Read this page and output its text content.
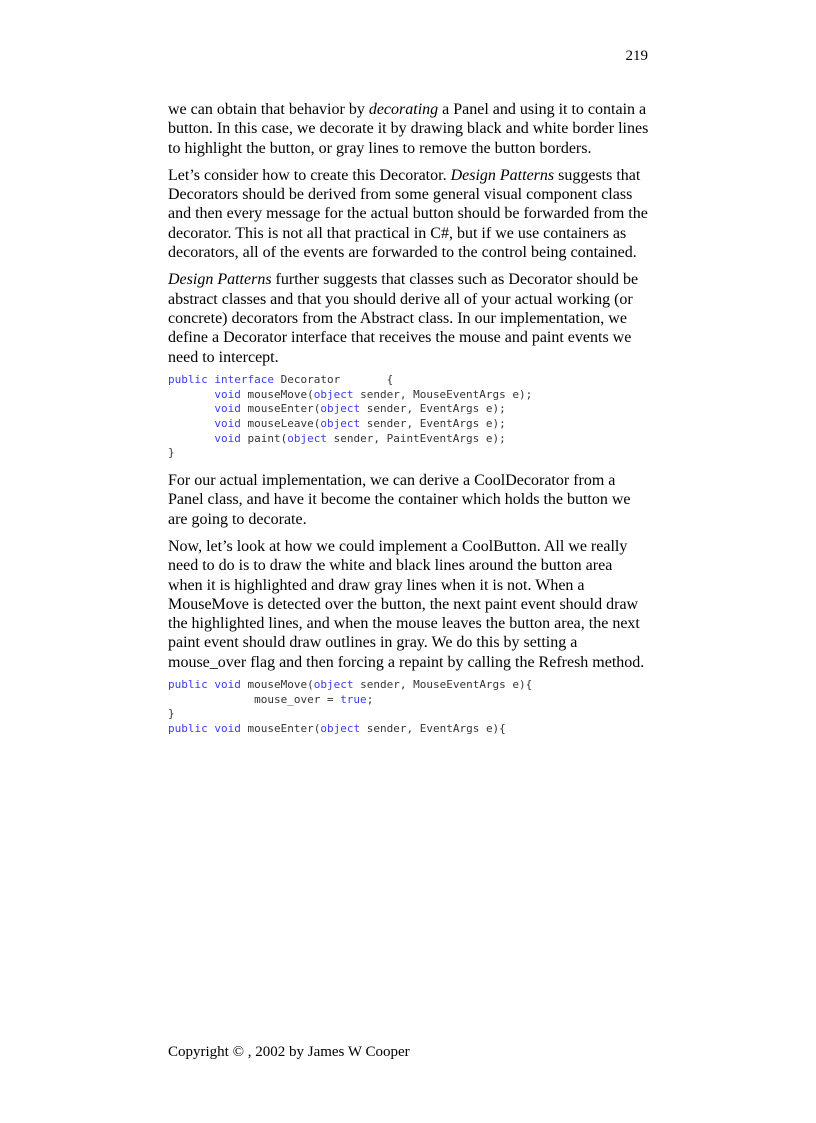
219

we can obtain that behavior by decorating a Panel and using it to contain a button. In this case, we decorate it by drawing black and white border lines to highlight the button, or gray lines to remove the button borders.

Let’s consider how to create this Decorator. Design Patterns suggests that Decorators should be derived from some general visual component class and then every message for the actual button should be forwarded from the decorator. This is not all that practical in C#, but if we use containers as decorators, all of the events are forwarded to the control being contained.

Design Patterns further suggests that classes such as Decorator should be abstract classes and that you should derive all of your actual working (or concrete) decorators from the Abstract class. In our implementation, we define a Decorator interface that receives the mouse and paint events we need to intercept.

public interface Decorator       {
void mouseMove(object sender, MouseEventArgs e);
void mouseEnter(object sender, EventArgs e);
void mouseLeave(object sender, EventArgs e);
void paint(object sender, PaintEventArgs e);
}

For our actual implementation, we can derive a CoolDecorator from a Panel class, and have it become the container which holds the button we are going to decorate.

Now, let’s look at how we could implement a CoolButton. All we really need to do is to draw the white and black lines around the button area when it is highlighted and draw gray lines when it is not. When a MouseMove is detected over the button, the next paint event should draw the highlighted lines, and when the mouse leaves the button area, the next paint event should draw outlines in gray. We do this by setting a mouse_over flag and then forcing a repaint by calling the Refresh method.

public void mouseMove(object sender, MouseEventArgs e){
mouse_over = true;
}
public void mouseEnter(object sender, EventArgs e){
Copyright © , 2002 by James W Cooper
